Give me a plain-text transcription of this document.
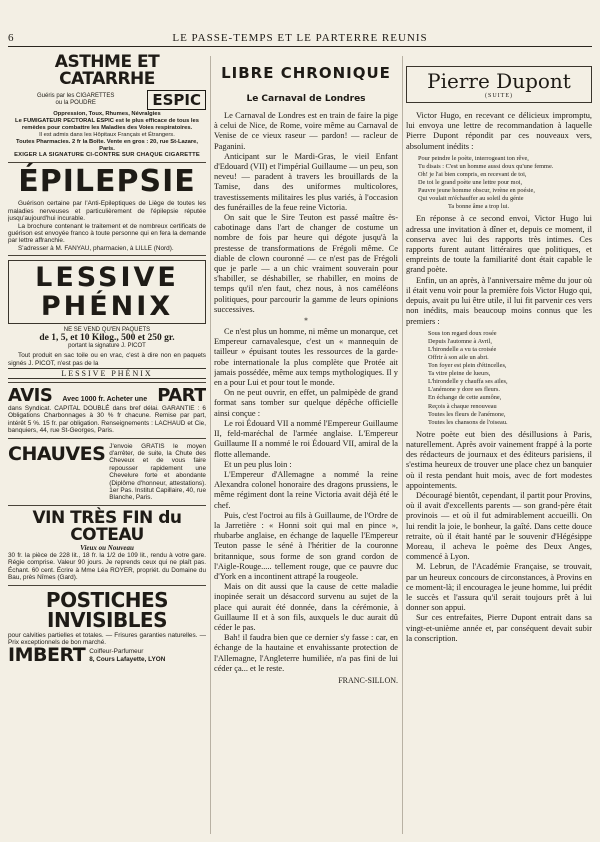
6	LE PASSE-TEMPS ET LE PARTERRE REUNIS
ASTHME ET CATARRHE
Guéris par les CIGARETTES
ou la POUDRE	ESPIC
Oppression, Toux, Rhumes, Névralgies
Le FUMIGATEUR PECTORAL ESPIC est le plus efficace de tous les remèdes pour combattre les Maladies des Voies respiratoires.
Il est admis dans les Hôpitaux Français et Étrangers.
Toutes Pharmacies. 2 fr la Boîte. Vente en gros : 20, rue St-Lazare, Paris.
EXIGER LA SIGNATURE CI-CONTRE SUR CHAQUE CIGARETTE
ÉPILEPSIE

Guérison certaine par l'Anti-Epileptiques de Liège de toutes les maladies nerveuses et particulièrement de l'épilepsie réputée jusqu'aujourd'hui incurable.

La brochure contenant le traitement et de nombreux certificats de guérison est envoyée franco à toute personne qui en fera la demande par lettre affranchie.

S'adresser à M. FANYAU, pharmacien, à LILLE (Nord).

LESSIVE
PHÉNIX
NE SE VEND QU'EN PAQUETS
de 1, 5, et 10 Kilog., 500 et 250 gr.
portant la signature J. PICOT

Tout produit en sac toile ou en vrac, c'est à dire non en paquets signés J. PICOT, n'est pas de la

LESSIVE PHÉNIX
AVIS	Avec 1000 fr. Acheter une PART

dans Syndicat. CAPITAL DOUBLÉ dans bref délai. GARANTIE : 6 Obligations Charbonnages à 30 % fr chacune. Remise par part, intérêt 5 %. 15 fr. par obligation. Renseignements : LACHAUD et Cie, banquiers, 44, rue St-Georges, Paris.

CHAUVES J'envoie GRATIS le moyen d'arrêter, de suite, la Chute des Cheveux et de vous faire repousser rapidement une Chevelure forte et abondante (Diplôme d'honneur, attestations). 1er Pas. Institut Capillaire, 40, rue Blanche, Paris.

VIN TRÈS FIN du COTEAU
Vieux ou Nouveau

30 fr. la pièce de 228 lit., 18 fr. la 1/2 de 109 lit., rendu à votre gare. Régie comprise. Valeur 90 jours. Je reprends ceux qui ne plaît pas. Échant. 60 cent. Écrire à Mme Léa ROYER, propriét. du Domaine du Bau, près Nîmes (Gard).

POSTICHES INVISIBLES

pour calvities partielles et totales. — Frisures garanties naturelles. — Prix exceptionnels de bon marché.

IMBERT Coiffeur-Parfumeur
8, Cours Lafayette, LYON
LIBRE CHRONIQUE
Le Carnaval de Londres

Le Carnaval de Londres est en train de faire la pige à celui de Nice, de Rome, voire même au Carnaval de Venise de ce vieux raseur — pardon! — racleur de Paganini.

Anticipant sur le Mardi-Gras, le vieil Enfant d'Edouard (VII) et l'impérial Guillaume — un peu, son neveu! — paradent à travers les brouillards de la Tamise, dans des uniformes multicolores, travestissements militaires les plus variés, à l'occasion des funérailles de la feue reine Victoria.

On sait que le Sire Teuton est passé maître ès-cabotinage dans l'art de changer de costume un nombre de fois par heure qui dégote jusqu'à la prestesse de transformations de Frégoli même. Ce diable de clown couronné — ce n'est pas de Frégoli que je parle — a un chic vraiment souverain pour s'habiller, se déshabiller, se rhabiller, en moins de temps qu'il n'en faut, chez nous, à nos caméléons politiques, pour parcourir la gamme de leurs opinions successives.

*

Ce n'est plus un homme, ni même un monarque, cet Empereur carnavalesque, c'est un « mannequin de tailleur » épuisant toutes les ressources de la garde-robe internationale la plus complète que Protée ait jamais possédée, même aux temps mythologiques. Il y en a pour Lui et pour tout le monde.

On ne peut ouvrir, en effet, un palmipède de grand format sans tomber sur quelque dépêche officielle ainsi conçue :

Le roi Édouard VII a nommé l'Empereur Guillaume II, feld-maréchal de l'armée anglaise. L'Empereur Guillaume II a nommé le roi Édouard VII, amiral de la flotte allemande.

Et un peu plus loin :

L'Empereur d'Allemagne a nommé la reine Alexandra colonel honoraire des dragons prussiens, le même régiment dont la reine Victoria avait déjà été le chef.

Puis, c'est l'octroi au fils à Guillaume, de l'Ordre de la Jarretière : « Honni soit qui mal en pince », rhubarbe anglaise, en échange de laquelle l'Empereur Teuton passe le séné à l'héritier de la couronne britannique, sous forme de son grand cordon de l'Aigle-Rouge..... tellement rouge, que ce pauvre duc d'York en a incontinent attrapé la rougeole.

Mais on dit aussi que la cause de cette maladie inopinée serait un désaccord survenu au sujet de la place qui aurait été donnée, dans la cérémonie, à Guillaume II et à son fils, auxquels le duc aurait dû céder le pas.

Bah! il faudra bien que ce dernier s'y fasse : car, en échange de la hautaine et envahissante protection de l'Allemagne, l'Angleterre humiliée, n'a pas fini de lui céder ça... et le reste.

FRANC-SILLON.
Pierre Dupont
(SUITE)

Victor Hugo, en recevant ce délicieux impromptu, lui envoya une lettre de recommandation à laquelle Pierre Dupont répondit par ces nouveaux vers, absolument inédits :

Pour peindre le poète, interrogeant ton rêve,
Tu disais : C'est un homme aussi doux qu'une femme.
Oh! je l'ai bien compris, en recevant de toi,
De toi le grand poète une lettre pour moi,
Pauvre jeune homme obscur, ivrène en poésie,
Qui voulait m'échauffer au soleil du génie
Ta bonne âme a trop lui.

En réponse à ce second envoi, Victor Hugo lui adressa une invitation à dîner et, depuis ce moment, il conserva avec lui des rapports très intimes. Ces rapports furent autant littéraires que politiques, et empreints de toute la familiarité dont était capable le grand poète.

Enfin, un an après, à l'anniversaire même du jour où il était venu voir pour la première fois Victor Hugo qui, depuis, avait pu lui être utile, il lui fit parvenir ces vers non inédits, mais beaucoup moins connus que les premiers :

Sous ton regard doux rosée
Depuis l'automne à Avril,
L'hirondelle a vu ta croisée
Offrir à son aile un abri.
Ton foyer est plein d'étincelles,
Ta vitre pleine de lueurs,
L'hirondelle y chauffa ses ailes,
L'anémone y dore ses fleurs.
En échange de cette aumône,
Reçois à chaque renouveau
Toutes les fleurs de l'anémone,
Toutes les chansons de l'oiseau.

Notre poète eut bien des désillusions à Paris, naturellement. Après avoir vainement frappé à la porte des rédacteurs de journaux et des éditeurs parisiens, il s'estima heureux de trouver une place chez un banquier où il resta pendant huit mois, avec de fort modestes appointements.

Découragé bientôt, cependant, il partit pour Provins, où il avait d'excellents parents — son grand-père était provinois — et où il fut admirablement accueilli. On lui rendit la joie, le bonheur, la gaîté. Dans cette douce retraite, où il était hanté par le souvenir d'Hégésippe Moreau, il acheva le poème des Deux Anges, commencé à Lyon.

M. Lebrun, de l'Académie Française, se trouvait, par un heureux concours de circonstances, à Provins en ce moment-là; il encouragea le jeune homme, lui prédit le succès et l'assura qu'il serait toujours prêt à lui donner son appui.

Sur ces entrefaites, Pierre Dupont entrait dans sa vingt-et-unième année et, par conséquent devait subir la conscription.
